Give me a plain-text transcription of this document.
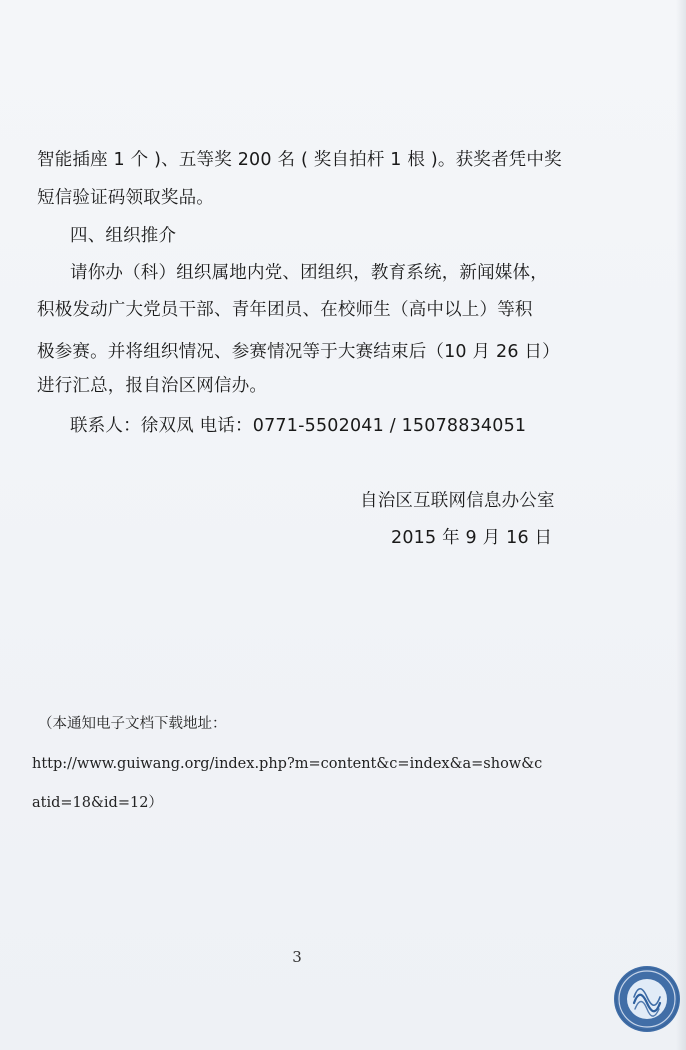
智能插座 1 个 )、五等奖 200 名 ( 奖自拍杆 1 根 )。获奖者凭中奖
短信验证码领取奖品。
四、组织推介
请你办（科）组织属地内党、团组织，教育系统，新闻媒体，
积极发动广大党员干部、青年团员、在校师生（高中以上）等积
极参赛。并将组织情况、参赛情况等于大赛结束后（10 月 26 日）
进行汇总，报自治区网信办。
联系人：徐双凤 电话：0771-5502041 / 15078834051
自治区互联网信息办公室
2015 年 9 月 16 日
（本通知电子文档下载地址：
http://www.guiwang.org/index.php?m=content&c=index&a=show&c
atid=18&id=12）
3
